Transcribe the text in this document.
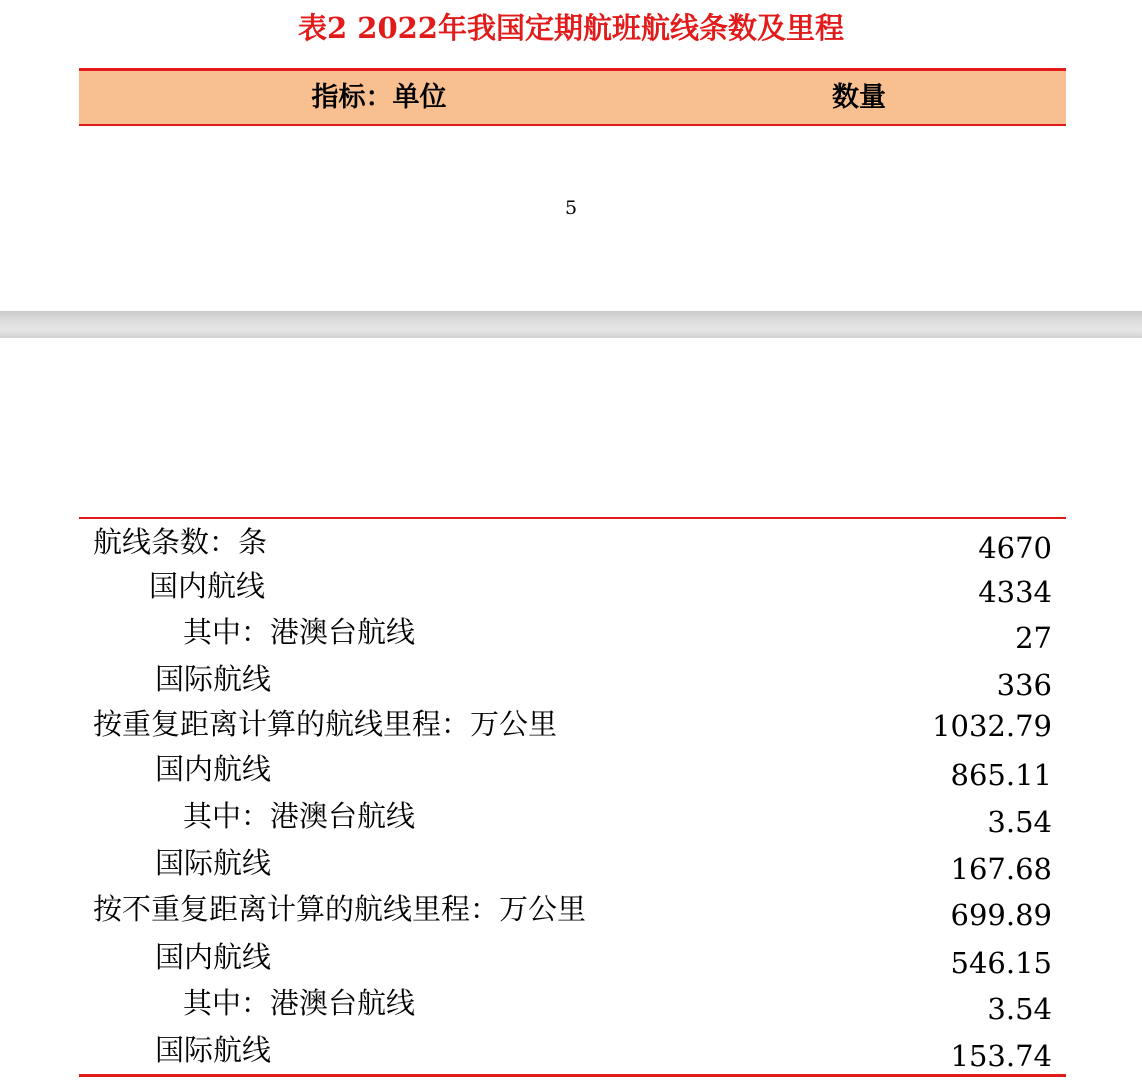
表2 2022年我国定期航班航线条数及里程
指标：单位	数量
5
航线条数：条	4670
国内航线	4334
其中：港澳台航线	27
国际航线	336
按重复距离计算的航线里程：万公里	1032.79
国内航线	865.11
其中：港澳台航线	3.54
国际航线	167.68
按不重复距离计算的航线里程：万公里	699.89
国内航线	546.15
其中：港澳台航线	3.54
国际航线	153.74
